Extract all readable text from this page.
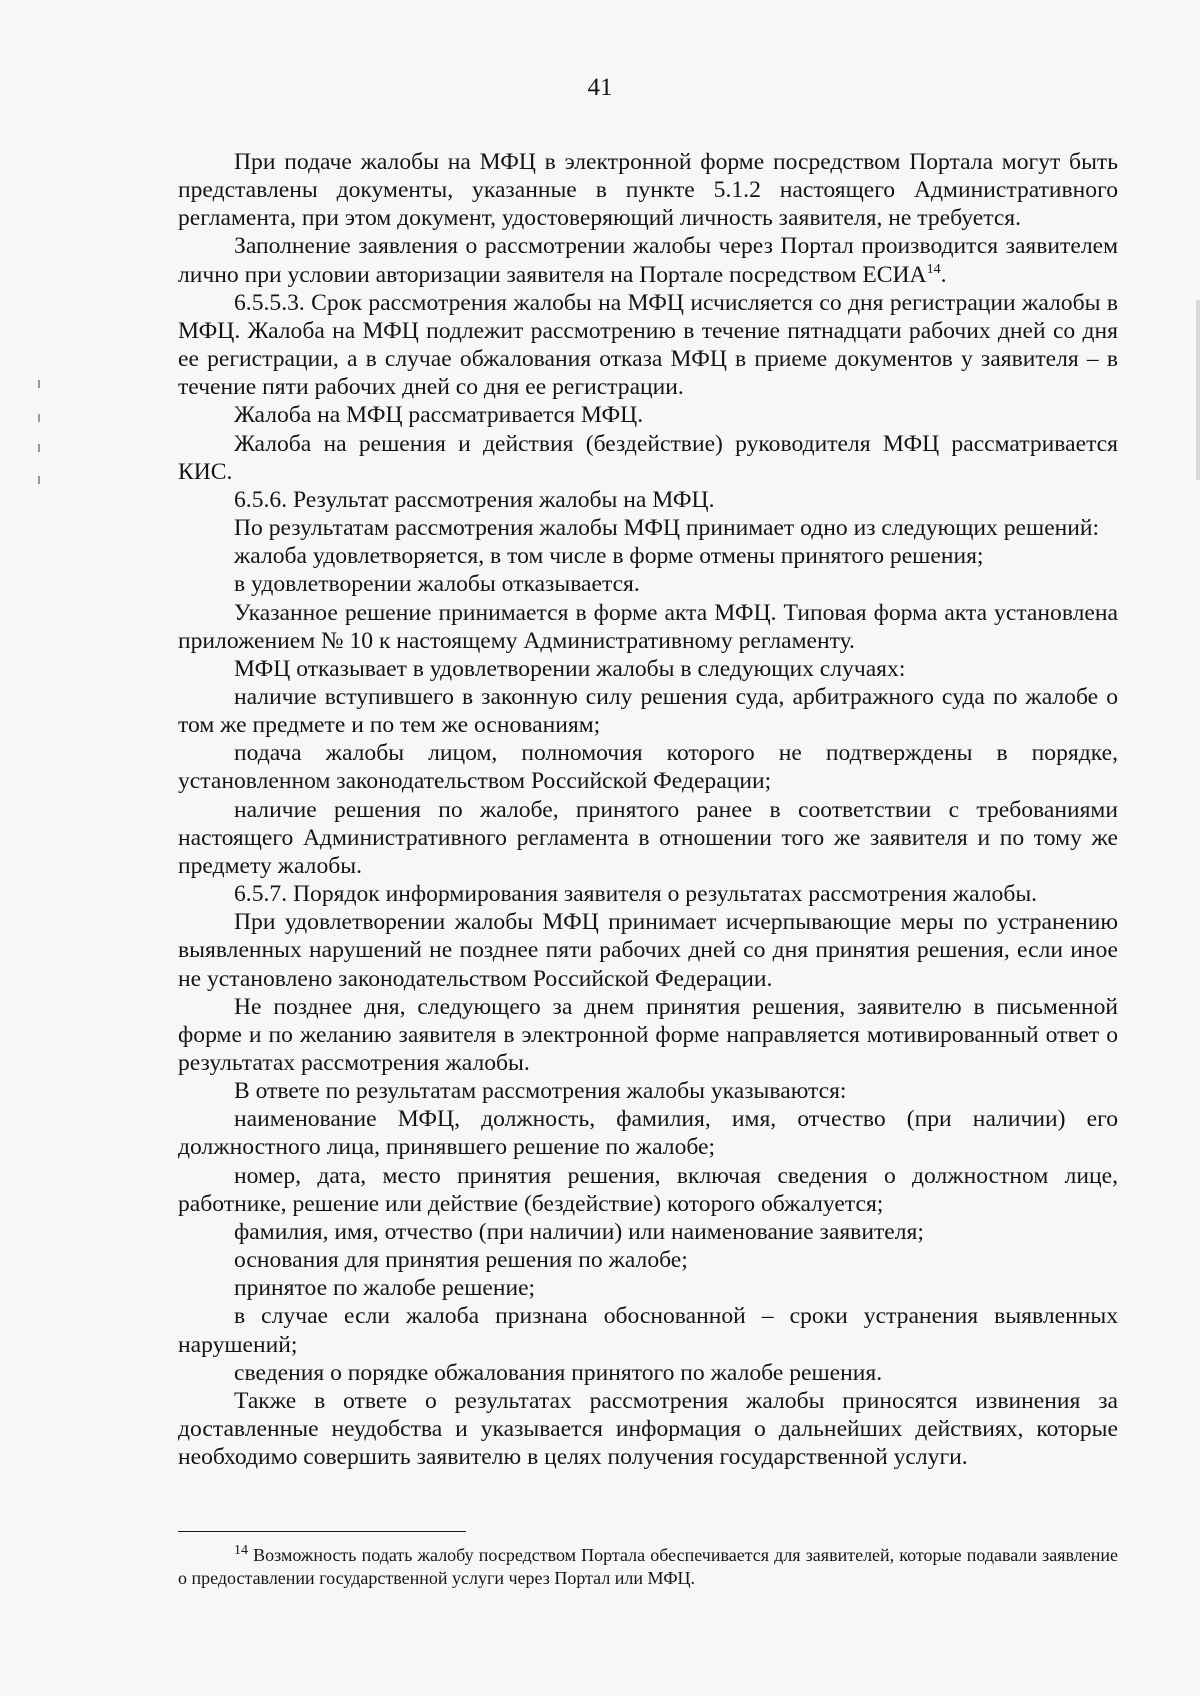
41

При подаче жалобы на МФЦ в электронной форме посредством Портала могут быть представлены документы, указанные в пункте 5.1.2 настоящего Административного регламента, при этом документ, удостоверяющий личность заявителя, не требуется.

Заполнение заявления о рассмотрении жалобы через Портал производится заявителем лично при условии авторизации заявителя на Портале посредством ЕСИА$^{14}$.

6.5.5.3. Срок рассмотрения жалобы на МФЦ исчисляется со дня регистрации жалобы в МФЦ. Жалоба на МФЦ подлежит рассмотрению в течение пятнадцати рабочих дней со дня ее регистрации, а в случае обжалования отказа МФЦ в приеме документов у заявителя – в течение пяти рабочих дней со дня ее регистрации.

Жалоба на МФЦ рассматривается МФЦ.

Жалоба на решения и действия (бездействие) руководителя МФЦ рассматривается КИС.

6.5.6. Результат рассмотрения жалобы на МФЦ.

По результатам рассмотрения жалобы МФЦ принимает одно из следующих решений:

жалоба удовлетворяется, в том числе в форме отмены принятого решения;

в удовлетворении жалобы отказывается.

Указанное решение принимается в форме акта МФЦ. Типовая форма акта установлена приложением № 10 к настоящему Административному регламенту.

МФЦ отказывает в удовлетворении жалобы в следующих случаях:

наличие вступившего в законную силу решения суда, арбитражного суда по жалобе о том же предмете и по тем же основаниям;

подача жалобы лицом, полномочия которого не подтверждены в порядке, установленном законодательством Российской Федерации;

наличие решения по жалобе, принятого ранее в соответствии с требованиями настоящего Административного регламента в отношении того же заявителя и по тому же предмету жалобы.

6.5.7. Порядок информирования заявителя о результатах рассмотрения жалобы.

При удовлетворении жалобы МФЦ принимает исчерпывающие меры по устранению выявленных нарушений не позднее пяти рабочих дней со дня принятия решения, если иное не установлено законодательством Российской Федерации.

Не позднее дня, следующего за днем принятия решения, заявителю в письменной форме и по желанию заявителя в электронной форме направляется мотивированный ответ о результатах рассмотрения жалобы.

В ответе по результатам рассмотрения жалобы указываются:

наименование МФЦ, должность, фамилия, имя, отчество (при наличии) его должностного лица, принявшего решение по жалобе;

номер, дата, место принятия решения, включая сведения о должностном лице, работнике, решение или действие (бездействие) которого обжалуется;

фамилия, имя, отчество (при наличии) или наименование заявителя;

основания для принятия решения по жалобе;

принятое по жалобе решение;

в случае если жалоба признана обоснованной – сроки устранения выявленных нарушений;

сведения о порядке обжалования принятого по жалобе решения.

Также в ответе о результатах рассмотрения жалобы приносятся извинения за доставленные неудобства и указывается информация о дальнейших действиях, которые необходимо совершить заявителю в целях получения государственной услуги.

$^{14}$ Возможность подать жалобу посредством Портала обеспечивается для заявителей, которые подавали заявление о предоставлении государственной услуги через Портал или МФЦ.
